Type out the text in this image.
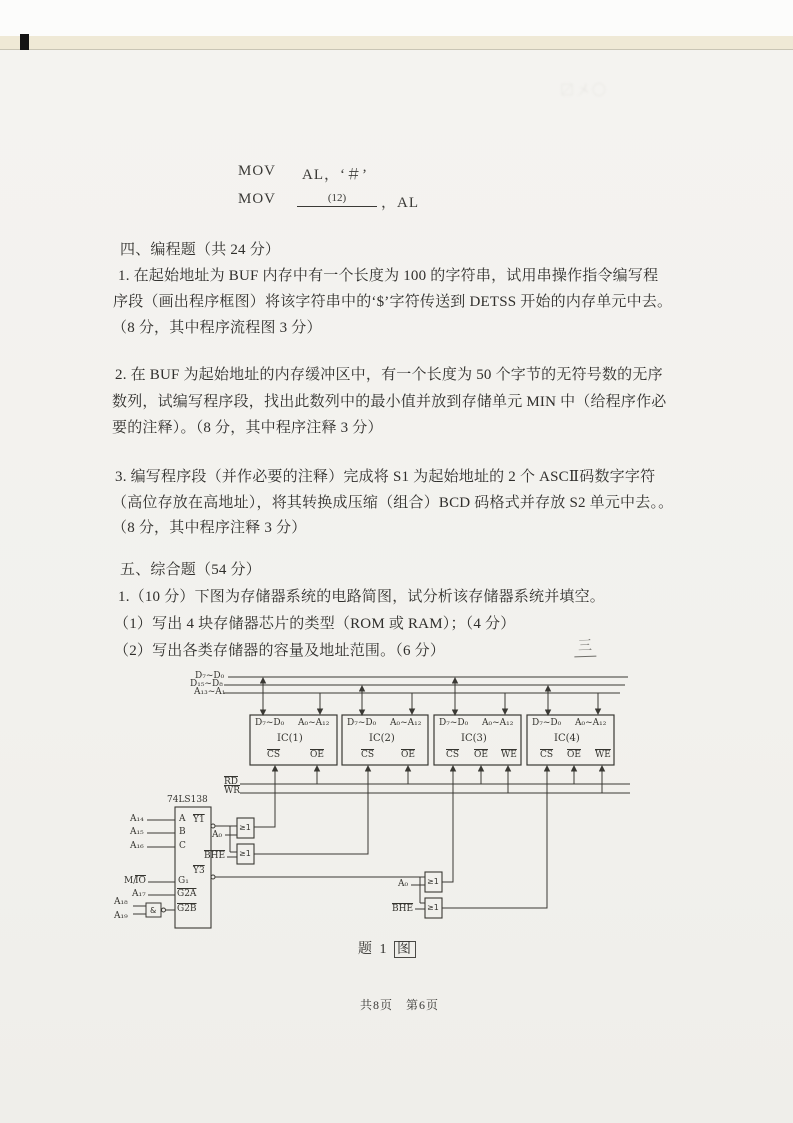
MOV AL，‘＃’
MOV	(12)	，AL
四、编程题（共 24 分）
1. 在起始地址为 BUF 内存中有一个长度为 100 的字符串，试用串操作指令编写程
序段（画出程序框图）将该字符串中的‘$’字符传送到 DETSS 开始的内存单元中去。
（8 分，其中程序流程图 3 分）
2. 在 BUF 为起始地址的内存缓冲区中，有一个长度为 50 个字节的无符号数的无序
数列，试编写程序段，找出此数列中的最小值并放到存储单元 MIN 中（给程序作必
要的注释）。（8 分，其中程序注释 3 分）
3. 编写程序段（并作必要的注释）完成将 S1 为起始地址的 2 个 ASCⅡ码数字字符
（高位存放在高地址），将其转换成压缩（组合）BCD 码格式并存放 S2 单元中去。。
（8 分，其中程序注释 3 分）
五、综合题（54 分）
1.（10 分）下图为存储器系统的电路简图，试分析该存储器系统并填空。
（1）写出 4 块存储器芯片的类型（ROM 或 RAM）；（4 分）
（2）写出各类存储器的容量及地址范围。（6 分）	三
〼〤〇
D₇~D₀
D₁₅~D₈
A₁₃~A₁
D₇~D₀ A₀~A₁₂
IC(1)
$\overline{CS}$	$\overline{OE}$
D₇~D₀ A₀~A₁₂
IC(2)
$\overline{CS}$	$\overline{OE}$
D₇~D₀ A₀~A₁₂
IC(3)
$\overline{CS}$ $\overline{OE}$ $\overline{WE}$
D₇~D₀ A₀~A₁₂
IC(4)
$\overline{CS}$ $\overline{OE}$ $\overline{WE}$
$\overline{RD}$
$\overline{WR}$
74LS138
A
B
C
G₁
G2A
G2B
Y1
Y3
A₁₄
A₁₅
A₁₆
M/
$\overline{IO}$
A₁₇
A₁₈
A₁₉
&
≥1
≥1
≥1
≥1
A₀
$\overline{BHE}$
A₀
$\overline{BHE}$
题 1 图
共8页　第6页
